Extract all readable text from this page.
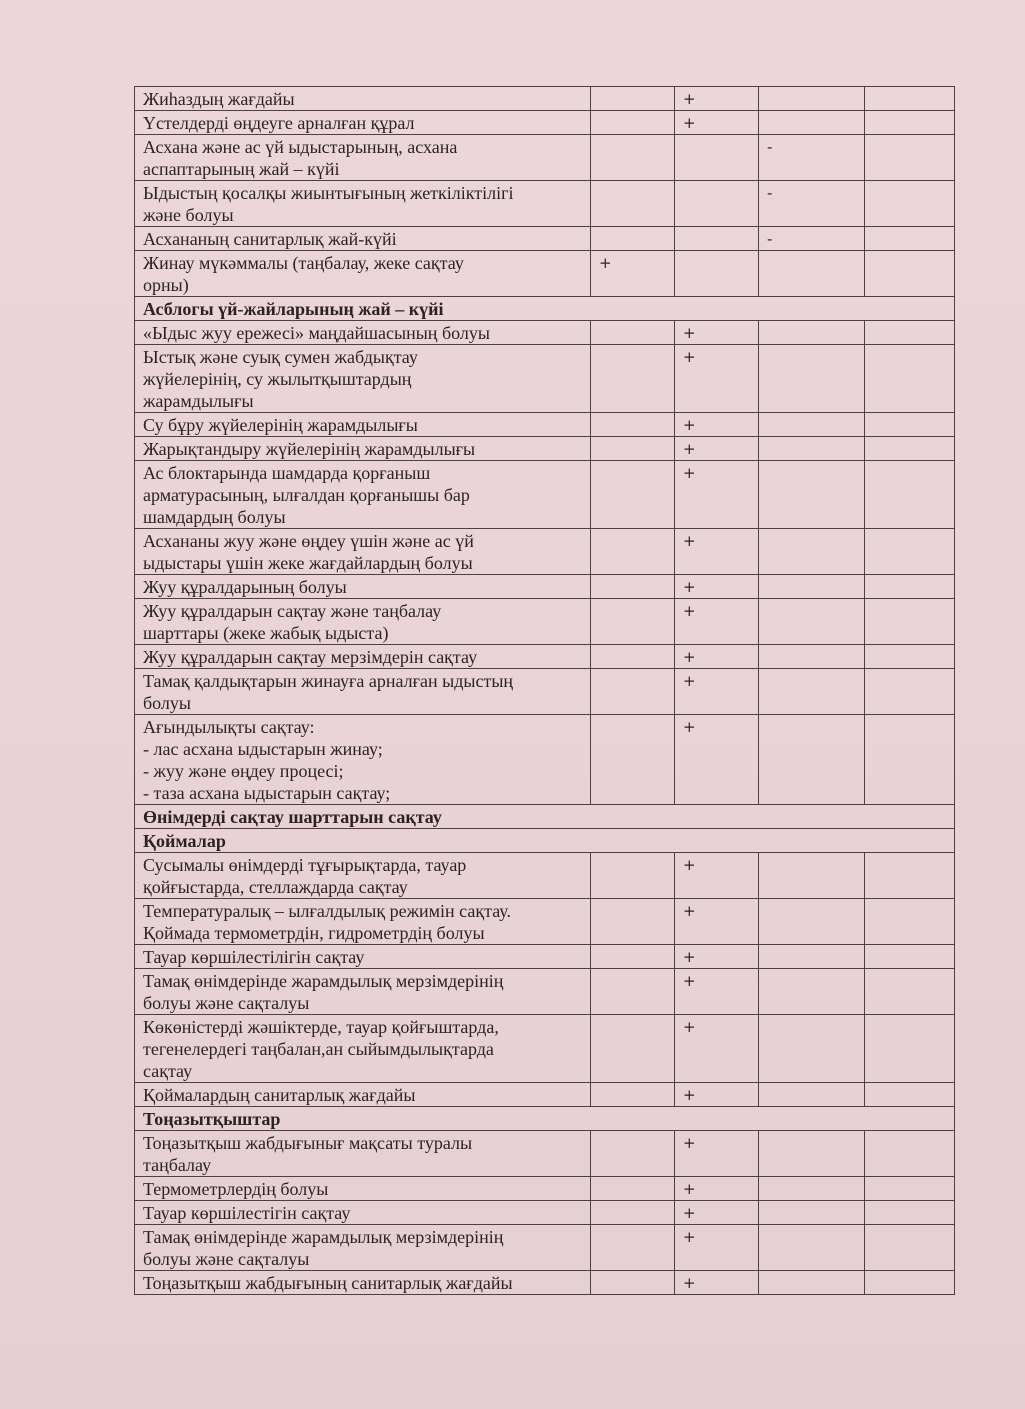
Жиһаздың жағдайы		+		
Үстелдерді өңдеуге арналған құрал		+		
Асхана және ас үй ыдыстарының, асхана
аспаптарының жай – күйі			-	
Ыдыстың қосалқы жиынтығының жеткіліктілігі
және болуы			-	
Асхананың санитарлық жай-күйі			-	
Жинау мүкәммалы (таңбалау, жеке сақтау
орны)	+			
Асблогы үй-жайларының жай – күйі				
«Ыдыс жуу ережесі» маңдайшасының болуы		+		
Ыстық және суық сумен жабдықтау
жүйелерінің, су жылытқыштардың
жарамдылығы		+		
Су бұру жүйелерінің жарамдылығы		+		
Жарықтандыру жүйелерінің жарамдылығы		+		
Ас блоктарында шамдарда қорғаныш
арматурасының, ылғалдан қорғанышы бар
шамдардың болуы		+		
Асхананы жуу және өңдеу үшін және ас үй
ыдыстары үшін жеке жағдайлардың болуы		+		
Жуу құралдарының болуы		+		
Жуу құралдарын сақтау және таңбалау
шарттары (жеке жабық ыдыста)		+		
Жуу құралдарын сақтау мерзімдерін сақтау		+		
Тамақ қалдықтарын жинауға арналған ыдыстың
болуы		+		
Ағындылықты сақтау:
- лас асхана ыдыстарын жинау;
- жуу және өңдеу процесі;
- таза асхана ыдыстарын сақтау;		+		
Өнімдерді сақтау шарттарын сақтау				
Қоймалар				
Сусымалы өнімдерді тұғырықтарда, тауар
қойғыстарда, стеллаждарда сақтау		+		
Температуралық – ылғалдылық режимін сақтау.
Қоймада термометрдін, гидрометрдің болуы		+		
Тауар көршілестілігін сақтау		+		
Тамақ өнімдерінде жарамдылық мерзімдерінің
болуы және сақталуы		+		
Көкөністерді жәшіктерде, тауар қойғыштарда,
тегенелердегі таңбалан,ан сыйымдылықтарда
сақтау		+		
Қоймалардың санитарлық жағдайы		+		
Тоңазытқыштар				
Тоңазытқыш жабдығынығ мақсаты туралы
таңбалау		+		
Термометрлердің болуы		+		
Тауар көршілестігін сақтау		+		
Тамақ өнімдерінде жарамдылық мерзімдерінің
болуы және сақталуы		+		
Тоңазытқыш жабдығының санитарлық жағдайы		+		
